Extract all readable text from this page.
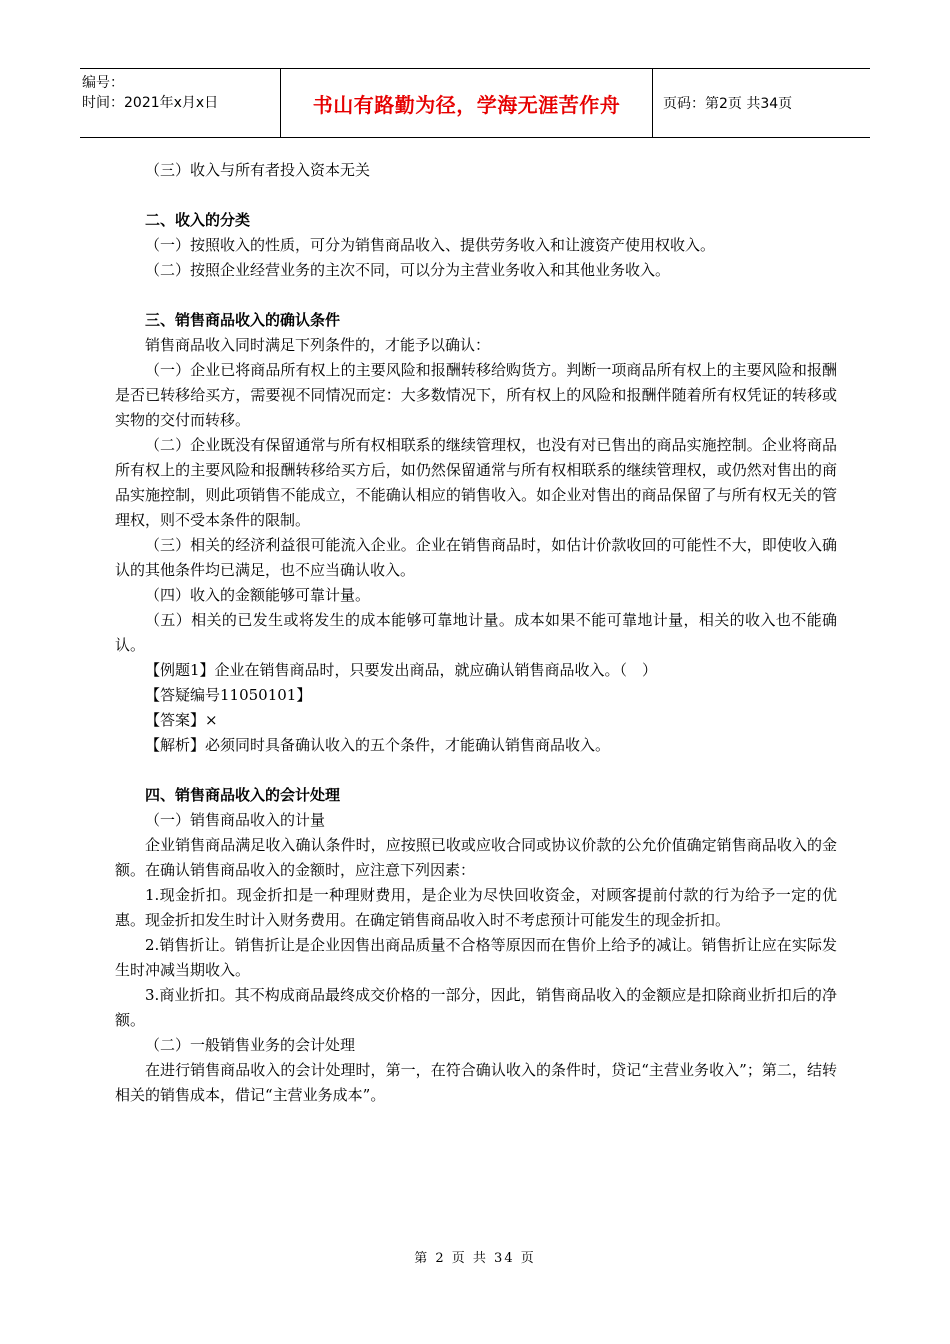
编号：
时间：2021年x月x日	书山有路勤为径，学海无涯苦作舟	页码：第2页 共34页
（三）收入与所有者投入资本无关
二、收入的分类
（一）按照收入的性质，可分为销售商品收入、提供劳务收入和让渡资产使用权收入。
（二）按照企业经营业务的主次不同，可以分为主营业务收入和其他业务收入。
三、销售商品收入的确认条件
销售商品收入同时满足下列条件的，才能予以确认：
（一）企业已将商品所有权上的主要风险和报酬转移给购货方。判断一项商品所有权上的主要风险和报酬是否已转移给买方，需要视不同情况而定：大多数情况下，所有权上的风险和报酬伴随着所有权凭证的转移或实物的交付而转移。
（二）企业既没有保留通常与所有权相联系的继续管理权，也没有对已售出的商品实施控制。企业将商品所有权上的主要风险和报酬转移给买方后，如仍然保留通常与所有权相联系的继续管理权，或仍然对售出的商品实施控制，则此项销售不能成立，不能确认相应的销售收入。如企业对售出的商品保留了与所有权无关的管理权，则不受本条件的限制。
（三）相关的经济利益很可能流入企业。企业在销售商品时，如估计价款收回的可能性不大，即使收入确认的其他条件均已满足，也不应当确认收入。
（四）收入的金额能够可靠计量。
（五）相关的已发生或将发生的成本能够可靠地计量。成本如果不能可靠地计量，相关的收入也不能确认。
【例题1】企业在销售商品时，只要发出商品，就应确认销售商品收入。（　）
【答疑编号11050101】
【答案】×
【解析】必须同时具备确认收入的五个条件，才能确认销售商品收入。
四、销售商品收入的会计处理
（一）销售商品收入的计量
企业销售商品满足收入确认条件时，应按照已收或应收合同或协议价款的公允价值确定销售商品收入的金额。在确认销售商品收入的金额时，应注意下列因素：
1.现金折扣。现金折扣是一种理财费用，是企业为尽快回收资金，对顾客提前付款的行为给予一定的优惠。现金折扣发生时计入财务费用。在确定销售商品收入时不考虑预计可能发生的现金折扣。
2.销售折让。销售折让是企业因售出商品质量不合格等原因而在售价上给予的减让。销售折让应在实际发生时冲减当期收入。
3.商业折扣。其不构成商品最终成交价格的一部分，因此，销售商品收入的金额应是扣除商业折扣后的净额。
（二）一般销售业务的会计处理
在进行销售商品收入的会计处理时，第一，在符合确认收入的条件时，贷记“主营业务收入”；第二，结转相关的销售成本，借记“主营业务成本”。
第 2 页 共 34 页
